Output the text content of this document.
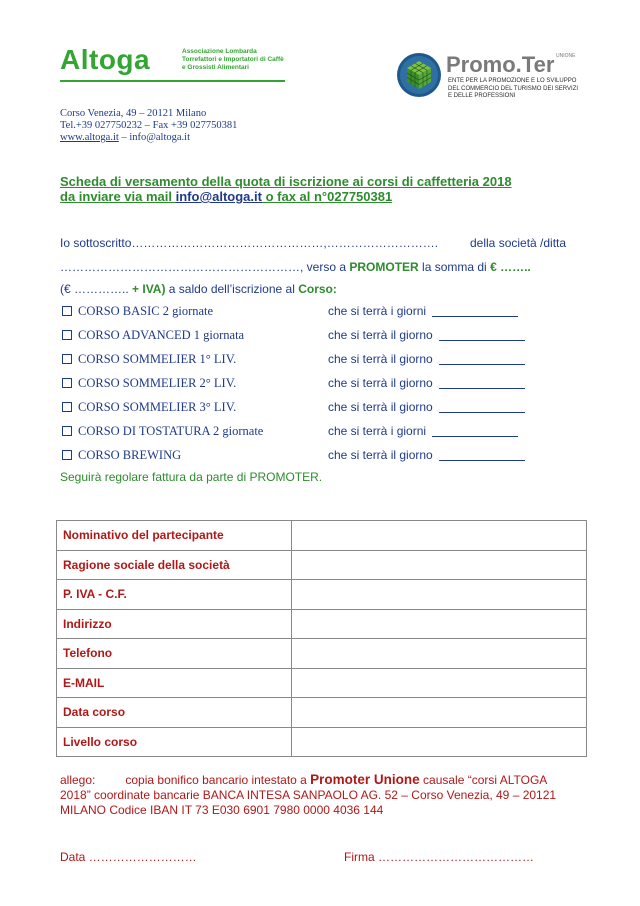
Altoga	Associazione Lombarda
Torrefattori e Importatori di Caffè
e Grossisti Alimentari
Corso Venezia, 49 – 20121 Milano
Tel.+39 027750232 – Fax +39 027750381
www.altoga.it – info@altoga.it
Promo.Ter UNIONE
ENTE PER LA PROMOZIONE E LO SVILUPPO
DEL COMMERCIO DEL TURISMO DEI SERVIZI
E DELLE PROFESSIONI
Scheda di versamento della quota di iscrizione ai corsi di caffetteria 2018
da inviare via mail info@altoga.it o fax al n°027750381
Io sottoscritto…………………………………………,……………………….	della società /ditta
……………………………………………………, verso a PROMOTER la somma di € ……..
(€ ………….. + IVA) a saldo dell’iscrizione al Corso:
CORSO BASIC 2 giornate	che si terrà i giorni
CORSO ADVANCED 1 giornata	che si terrà il giorno
CORSO SOMMELIER 1° LIV.	che si terrà il giorno
CORSO SOMMELIER 2° LIV.	che si terrà il giorno
CORSO SOMMELIER 3° LIV.	che si terrà il giorno
CORSO DI TOSTATURA 2 giornate	che si terrà i giorni
CORSO BREWING	che si terrà il giorno
Seguirà regolare fattura da parte di PROMOTER.
Nominativo del partecipante	
Ragione sociale della società	
P. IVA - C.F.	
Indirizzo	
Telefono	
E-MAIL	
Data corso	
Livello corso	
allego:	copia bonifico bancario intestato a Promoter Unione causale “corsi ALTOGA 2018” coordinate bancarie BANCA INTESA SANPAOLO AG. 52 – Corso Venezia, 49 – 20121 MILANO Codice IBAN IT 73 E030 6901 7980 0000 4036 144
Data ………………………	Firma …………………………………
